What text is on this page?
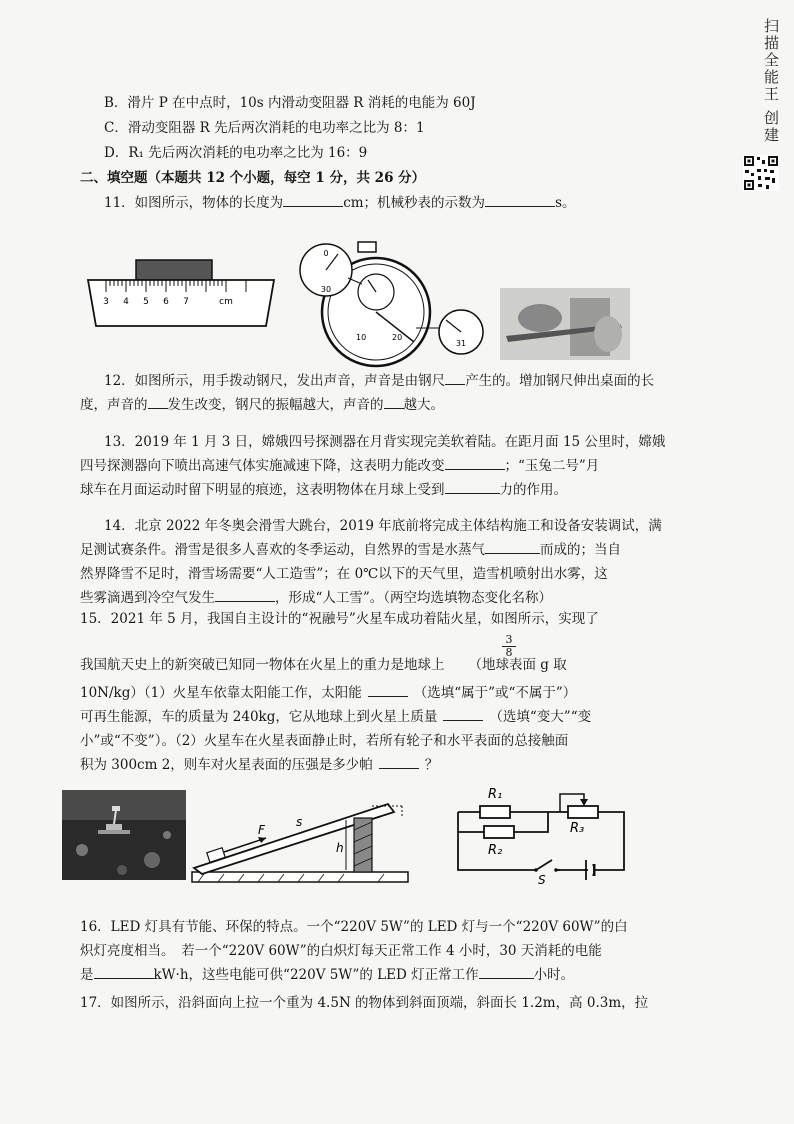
扫描全能王 创建
B．滑片 P 在中点时，10s 内滑动变阻器 R 消耗的电能为 60J
C．滑动变阻器 R 先后两次消耗的电功率之比为 8：1
D．R₁ 先后两次消耗的电功率之比为 16：9
二、填空题（本题共 12 个小题，每空 1 分，共 26 分）
11．如图所示，物体的长度为	cm；机械秒表的示数为	s。
3 4 5 6 7	cm
0
30
31
10	20
12．如图所示，用手拨动钢尺，发出声音，声音是由钢尺 产生的。增加钢尺伸出桌面的长
度，声音的 发生改变，钢尺的振幅越大，声音的 越大。
13．2019 年 1 月 3 日，嫦娥四号探测器在月背实现完美软着陆。在距月面 15 公里时，嫦娥
四号探测器向下喷出高速气体实施减速下降，这表明力能改变	；“玉兔二号”月
球车在月面运动时留下明显的痕迹，这表明物体在月球上受到	力的作用。
14．北京 2022 年冬奥会滑雪大跳台，2019 年底前将完成主体结构施工和设备安装调试，满
足测试赛条件。滑雪是很多人喜欢的冬季运动，自然界的雪是水蒸气	而成的；当自
然界降雪不足时，滑雪场需要“人工造雪”；在 0℃以下的天气里，造雪机喷射出水雾，这
些雾滴遇到冷空气发生	，形成“人工雪”。（两空均选填物态变化名称）
15．2021 年 5 月，我国自主设计的“祝融号”火星车成功着陆火星，如图所示，实现了
$\frac{3}{8}$
我国航天史上的新突破已知同一物体在火星上的重力是地球上 （地球表面 g 取
10N/kg）（1）火星车依靠太阳能工作，太阳能	（选填“属于”或“不属于”）
可再生能源，车的质量为 240kg，它从地球上到火星上质量	（选填“变大”“变
小”或“不变”）。（2）火星车在火星表面静止时，若所有轮子和水平表面的总接触面
积为 300cm 2，则车对火星表面的压强是多少帕	？
F
s
h
R₁
R₂
R₃
S
16．LED 灯具有节能、环保的特点。一个“220V 5W”的 LED 灯与一个“220V 60W”的白
炽灯亮度相当。　若一个“220V 60W”的白炽灯每天正常工作 4 小时，30 天消耗的电能
是	kW·h，这些电能可供“220V 5W”的 LED 灯正常工作	小时。
17．如图所示，沿斜面向上拉一个重为 4.5N 的物体到斜面顶端，斜面长 1.2m，高 0.3m，拉
